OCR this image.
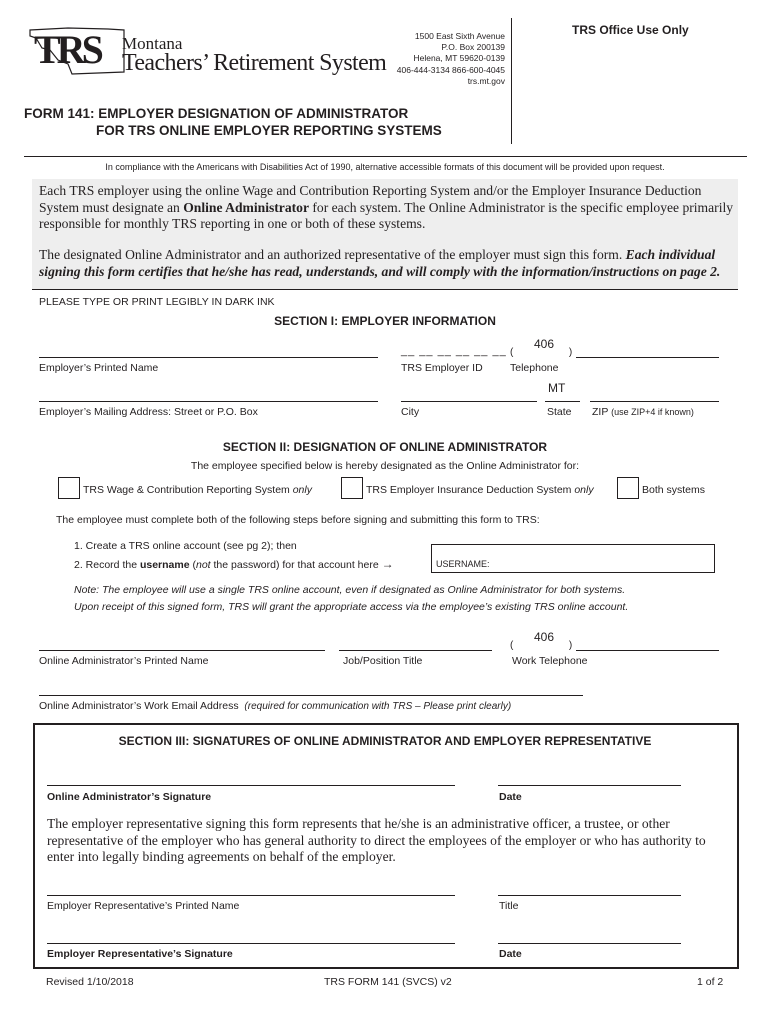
TRS Montana
Teachers’ Retirement System
1500 East Sixth Avenue
P.O. Box 200139
Helena, MT 59620-0139
406-444-3134 866-600-4045
trs.mt.gov
TRS Office Use Only
FORM 141: EMPLOYER DESIGNATION OF ADMINISTRATOR
FOR TRS ONLINE EMPLOYER REPORTING SYSTEMS
In compliance with the Americans with Disabilities Act of 1990, alternative accessible formats of this document will be provided upon request.
Each TRS employer using the online Wage and Contribution Reporting System and/or the Employer Insurance Deduction System must designate an Online Administrator for each system. The Online Administrator is the specific employee primarily responsible for monthly TRS reporting in one or both of these systems.
The designated Online Administrator and an authorized representative of the employer must sign this form. Each individual signing this form certifies that he/she has read, understands, and will comply with the information/instructions on page 2.
PLEASE TYPE OR PRINT LEGIBLY IN DARK INK
SECTION I: EMPLOYER INFORMATION
Employer’s Printed Name
__ __ __ __ __ __
TRS Employer ID
406
(                    )
Telephone
Employer’s Mailing Address: Street or P.O. Box	City
MT
State ZIP (use ZIP+4 if known)
SECTION II: DESIGNATION OF ONLINE ADMINISTRATOR
The employee specified below is hereby designated as the Online Administrator for:
TRS Wage & Contribution Reporting System only	TRS Employer Insurance Deduction System only	Both systems
The employee must complete both of the following steps before signing and submitting this form to TRS:
1. Create a TRS online account (see pg 2); then
2. Record the username (not the password) for that account here →	USERNAME:
Note: The employee will use a single TRS online account, even if designated as Online Administrator for both systems.
Upon receipt of this signed form, TRS will grant the appropriate access via the employee’s existing TRS online account.
Online Administrator’s Printed Name	Job/Position Title
406
(                    )
Work Telephone
Online Administrator’s Work Email Address (required for communication with TRS – Please print clearly)
SECTION III: SIGNATURES OF ONLINE ADMINISTRATOR AND EMPLOYER REPRESENTATIVE
Online Administrator’s Signature	Date
The employer representative signing this form represents that he/she is an administrative officer, a trustee, or other representative of the employer who has general authority to direct the employees of the employer or who has authority to enter into legally binding agreements on behalf of the employer.
Employer Representative’s Printed Name	Title
Employer Representative’s Signature	Date
Revised 1/10/2018	TRS FORM 141 (SVCS) v2	1 of 2
